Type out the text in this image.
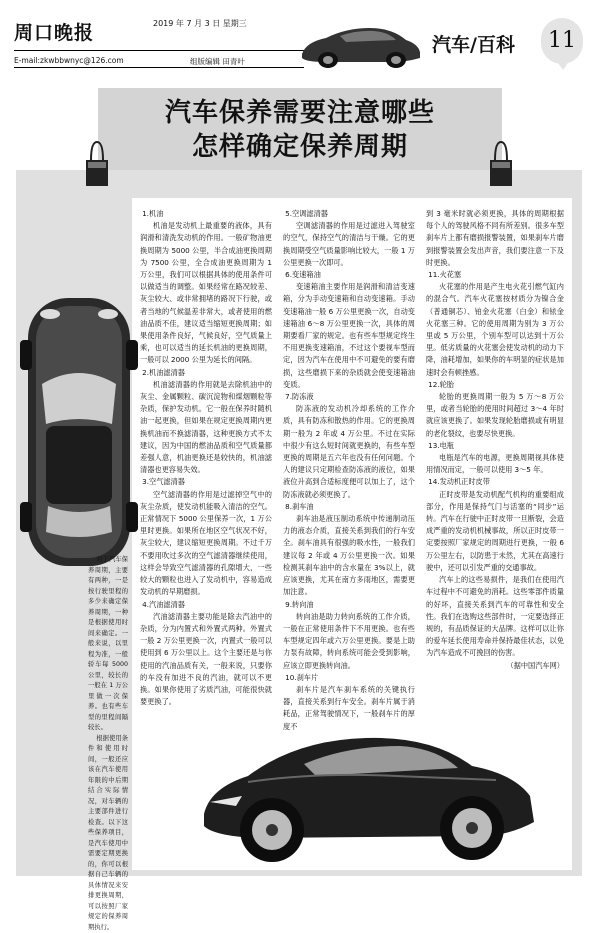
周口晚报	2019 年 7 月 3 日 星期三
E-mail:zkwbbwnyc@126.com	组版编辑 田青叶
汽车/百科	11
汽车保养需要注意哪些
怎样确定保养周期

1.机油

机油是发动机上最重要的液体，具有润滑和清洗发动机的作用。一般矿物油更换周期为 5000 公里，半合成油更换周期为 7500 公里，全合成油更换周期为 1 万公里，我们可以根据具体的使用条件可以做适当的调整。如果经常在路况较差、灰尘较大、或非常拥堵的路况下行驶，或者当地的气候温差非常大，或者使用的燃油品质不佳，建议适当缩短更换周期；如果使用条件良好，气候良好，空气质量上乘，也可以适当的延长机油的更换周期，一般可以 2000 公里为延长的间隔。

2.机油滤清器

机油滤清器的作用就是去除机油中的灰尘、金属颗粒、碳沉淀物和煤烟颗粒等杂质，保护发动机。它一般在保养时随机油一起更换，但如果在规定更换周期内更换机油而不换滤清器，这种更换方式不太建议，因为中国的燃油品质和空气质量都差强人意，机油更换还是较快的，机油滤清器也更容易失效。

3.空气滤清器

空气滤清器的作用是过滤掉空气中的灰尘杂质，使发动机能吸入清洁的空气。正常情况下 5000 公里保养一次，1 万公里时更换。如果所在地区空气状况不好，灰尘较大，建议缩短更换周期。不过千万不要用吹过多次的空气滤清器继续使用，这样会导致空气滤清器的孔隙增大，一些较大的颗粒也进入了发动机中，容易造成发动机的早期磨损。

4.汽油滤清器

汽油滤清器主要功能是除去汽油中的杂质，分为内置式和外置式两种。外置式一般 2 万公里更换一次，内置式一般可以使用到 6 万公里以上。这个主要还是与你使用的汽油品质有关，一般来说，只要你的车没有加进不良的汽油，就可以不更换。如果你使用了劣质汽油，可能很快就要更换了。

5.空调滤清器

空调滤清器的作用是过滤进入驾驶室的空气，保持空气的清洁与干燥。它的更换周期受空气质量影响比较大，一般 1 万公里更换一次即可。

6.变速箱油

变速箱油主要作用是润滑和清洁变速箱，分为手动变速箱和自动变速箱。手动变速箱油一般 6 万公里更换一次，自动变速箱油 6～8 万公里更换一次，具体的周期要看厂家的规定。也有些车型规定终生不用更换变速箱油，不过这个要视车型而定，因为汽车在使用中不可避免的要有磨损，这些磨损下来的杂质就会使变速箱油变质。

7.防冻液

防冻液的发动机冷却系统的工作介质，具有防冻和散热的作用。它的更换周期一般为 2 年或 4 万公里。不过在实际中很少有这么短时间就更换的，有些车型更换的周期是五六年也没有任何问题。个人的建议只定期检查防冻液的液位，如果液位升高到合适标度便可以加上了，这个防冻液就必须更换了。

8.刹车油

刹车油是液压制动系统中传递制动压力的液态介质，直接关系到我们的行车安全。刹车油具有很强的吸水性，一般我们建议每 2 年或 4 万公里更换一次。如果检测其刹车油中的含水量在 3%以上，就应该更换，尤其在南方多雨地区，需要更加注意。

9.转向油

转向油是助力转向系统的工作介质，一般在正常使用条件下不用更换。也有些车型规定四年或六万公里更换。要是上助力泵有故障，转向系统可能会受到影响，应该立即更换转向油。

10.刹车片

刹车片是汽车刹车系统的关键执行器，直接关系到行车安全。刹车片属于消耗品，正常驾驶情况下，一般刹车片的厚度不

到 3 毫米时就必须更换，具体的周期根据每个人的驾驶风格不同有所差别。很多车型刹车片上都有磨损报警装置，如果刹车片磨到报警装置会发出声音，我们要注意一下及时更换。

11.火花塞

火花塞的作用是产生电火花引燃气缸内的混合气。汽车火花塞按材质分为镍合金（普通铜芯）、铂金火花塞（白金）和铱金火花塞三种。它的使用周期为别为 3 万公里或 5 万公里，个别车型可以达到十万公里。低劣质量的火花塞会使发动机的动力下降，油耗增加，如果你的车明显的症状是加速时会有顿挫感。

12.轮胎

轮胎的更换周期一般为 5 万～8 万公里，或者当轮胎的使用时间超过 3～4 年时就应该更换了。如果发现轮胎磨损或有明显的老化裂纹，也要尽快更换。

13.电瓶

电瓶是汽车的电源，更换周期视具体使用情况而定，一般可以使用 3～5 年。

14.发动机正时皮带

正时皮带是发动机配气机构的重要组成部分，作用是保持气门与活塞的“同步”运转。汽车在行驶中正时皮带一旦断裂，会造成严重的发动机机械事故，所以正时皮带一定要按照厂家规定的周期进行更换，一般 6 万公里左右，以防患于未然，尤其在高速行驶中，还可以引发严重的交通事故。

汽车上的这些易损件，是我们在使用汽车过程中不可避免的消耗。这些零部件质量的好坏，直接关系到汽车的可靠性和安全性。我们在选购这些部件时，一定要选择正规的，有品质保证的大品牌。这样可以让你的爱车延长使用寿命并保持最佳状态，以免为汽车造成不可挽回的伤害。

（据中国汽车网）

对于汽车保养周期，主要有两种，一是按行驶里程的多少来确定保养周期，一种是根据使用时间来确定。一般来说，以里程为准，一般轿车每 5000 公里，较长的一般在 1 万公里做一次保养。也有些车型的里程间隔较长。

根据使用条件和使用时间，一般还应该在汽车使用年限的中后期结合实际情况，对车辆的主要部件进行检查。以下这些保养项目，是汽车使用中需要定期更换的，你可以根据自己车辆的具体情况来安排更换周期，可以按照厂家规定的保养周期执行。
